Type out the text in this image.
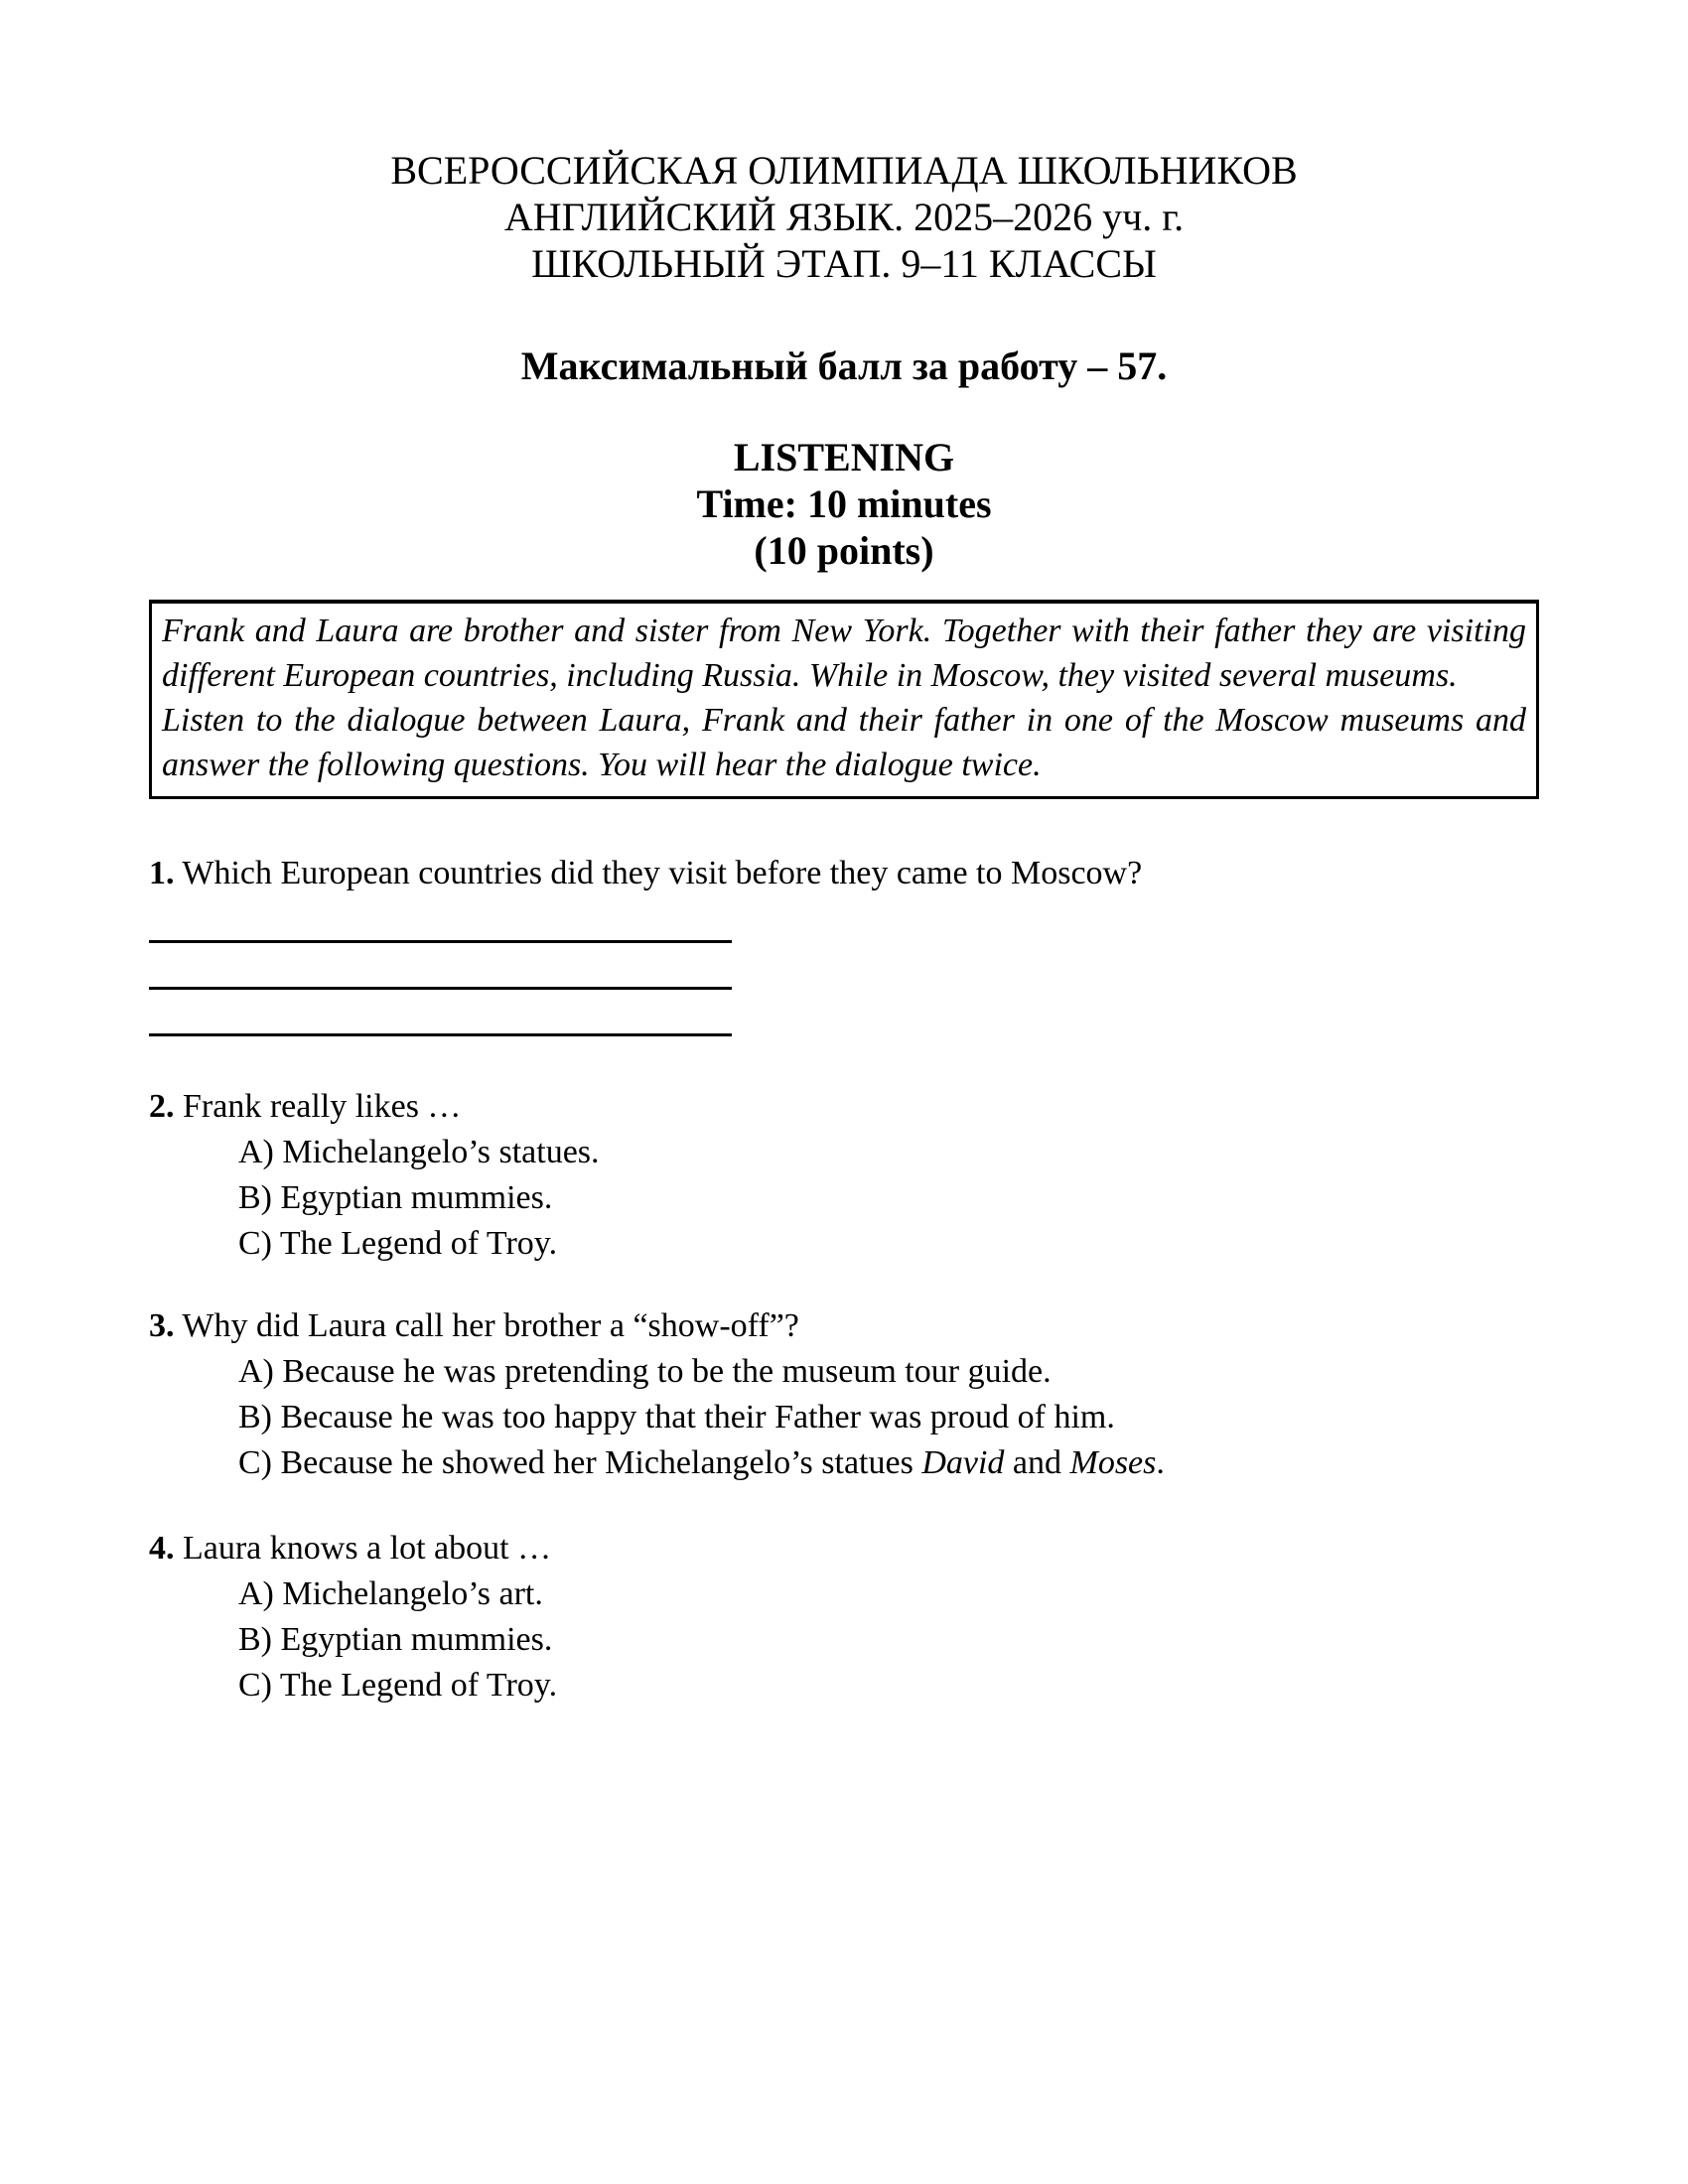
ВСЕРОССИЙСКАЯ ОЛИМПИАДА ШКОЛЬНИКОВ
АНГЛИЙСКИЙ ЯЗЫК. 2025–2026 уч. г.
ШКОЛЬНЫЙ ЭТАП. 9–11 КЛАССЫ
Максимальный балл за работу – 57.
LISTENING
Time: 10 minutes
(10 points)

Frank and Laura are brother and sister from New York. Together with their father they are visiting different European countries, including Russia. While in Moscow, they visited several museums.

Listen to the dialogue between Laura, Frank and their father in one of the Moscow museums and answer the following questions. You will hear the dialogue twice.

1. Which European countries did they visit before they came to Moscow?

2. Frank really likes …

A) Michelangelo’s statues.

B) Egyptian mummies.

C) The Legend of Troy.

3. Why did Laura call her brother a “show-off”?

A) Because he was pretending to be the museum tour guide.

B) Because he was too happy that their Father was proud of him.

C) Because he showed her Michelangelo’s statues David and Moses.

4. Laura knows a lot about …

A) Michelangelo’s art.

B) Egyptian mummies.

C) The Legend of Troy.
